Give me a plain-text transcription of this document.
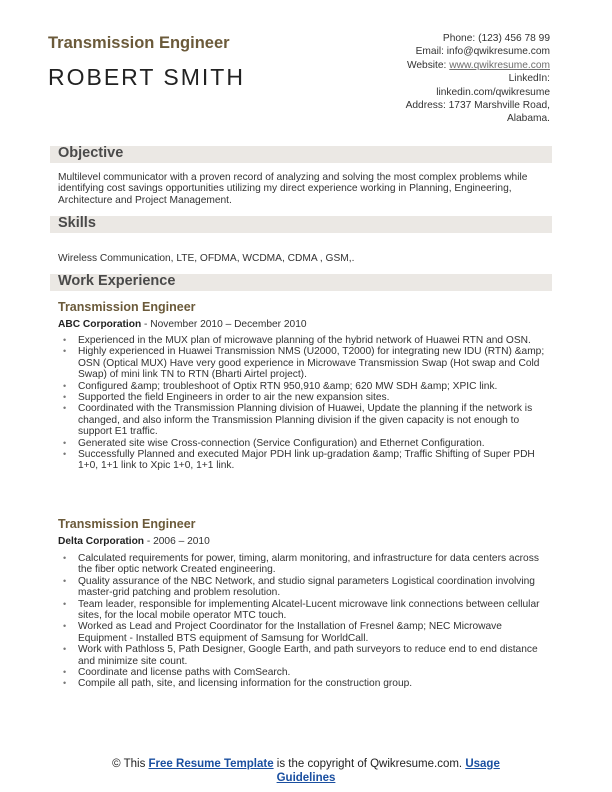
Transmission Engineer
ROBERT SMITH
Phone: (123) 456 78 99
Email: info@qwikresume.com
Website: www.qwikresume.com
LinkedIn:
linkedin.com/qwikresume
Address: 1737 Marshville Road,
Alabama.
Objective
Multilevel communicator with a proven record of analyzing and solving the most complex problems while identifying cost savings opportunities utilizing my direct experience working in Planning, Engineering, Architecture and Project Management.
Skills
Wireless Communication, LTE, OFDMA, WCDMA, CDMA , GSM,.
Work Experience
Transmission Engineer
ABC Corporation - November 2010 – December 2010
• Experienced in the MUX plan of microwave planning of the hybrid network of Huawei RTN and OSN.
• Highly experienced in Huawei Transmission NMS (U2000, T2000) for integrating new IDU (RTN) &amp; OSN (Optical MUX) Have very good experience in Microwave Transmission Swap (Hot swap and Cold Swap) of mini link TN to RTN (Bharti Airtel project).
• Configured &amp; troubleshoot of Optix RTN 950,910 &amp; 620 MW SDH &amp; XPIC link.
• Supported the field Engineers in order to air the new expansion sites.
• Coordinated with the Transmission Planning division of Huawei, Update the planning if the network is changed, and also inform the Transmission Planning division if the given capacity is not enough to support E1 traffic.
• Generated site wise Cross-connection (Service Configuration) and Ethernet Configuration.
• Successfully Planned and executed Major PDH link up-gradation &amp; Traffic Shifting of Super PDH 1+0, 1+1 link to Xpic 1+0, 1+1 link.
Transmission Engineer
Delta Corporation - 2006 – 2010
• Calculated requirements for power, timing, alarm monitoring, and infrastructure for data centers across the fiber optic network Created engineering.
• Quality assurance of the NBC Network, and studio signal parameters Logistical coordination involving master-grid patching and problem resolution.
• Team leader, responsible for implementing Alcatel-Lucent microwave link connections between cellular sites, for the local mobile operator MTC touch.
• Worked as Lead and Project Coordinator for the Installation of Fresnel &amp; NEC Microwave Equipment - Installed BTS equipment of Samsung for WorldCall.
• Work with Pathloss 5, Path Designer, Google Earth, and path surveyors to reduce end to end distance and minimize site count.
• Coordinate and license paths with ComSearch.
• Compile all path, site, and licensing information for the construction group.
© This Free Resume Template is the copyright of Qwikresume.com. Usage
Guidelines
